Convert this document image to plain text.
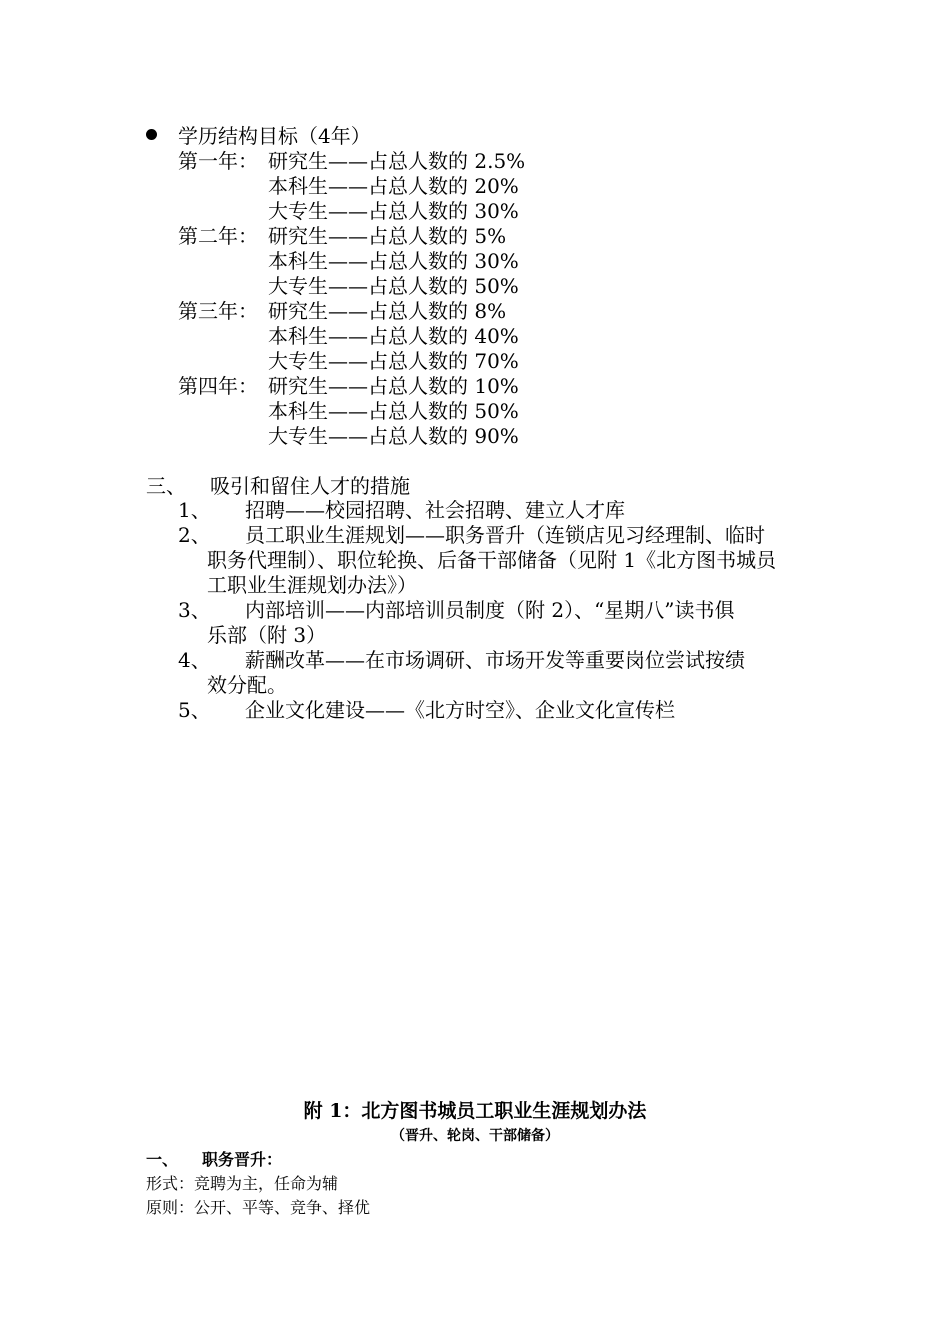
学历结构目标（4年）
第一年： 研究生——占总人数的 2.5%
本科生——占总人数的 20%
大专生——占总人数的 30%
第二年： 研究生——占总人数的 5%
本科生——占总人数的 30%
大专生——占总人数的 50%
第三年： 研究生——占总人数的 8%
本科生——占总人数的 40%
大专生——占总人数的 70%
第四年： 研究生——占总人数的 10%
本科生——占总人数的 50%
大专生——占总人数的 90%
三、 吸引和留住人才的措施
1、 招聘——校园招聘、社会招聘、建立人才库
2、 员工职业生涯规划——职务晋升（连锁店见习经理制、临时
职务代理制）、职位轮换、后备干部储备（见附 1《北方图书城员
工职业生涯规划办法》）
3、 内部培训——内部培训员制度（附 2）、“星期八”读书俱
乐部（附 3）
4、 薪酬改革——在市场调研、市场开发等重要岗位尝试按绩
效分配。
5、 企业文化建设——《北方时空》、企业文化宣传栏
附 1：北方图书城员工职业生涯规划办法
（晋升、轮岗、干部储备）
一、 职务晋升：
形式：竞聘为主，任命为辅
原则：公开、平等、竞争、择优
